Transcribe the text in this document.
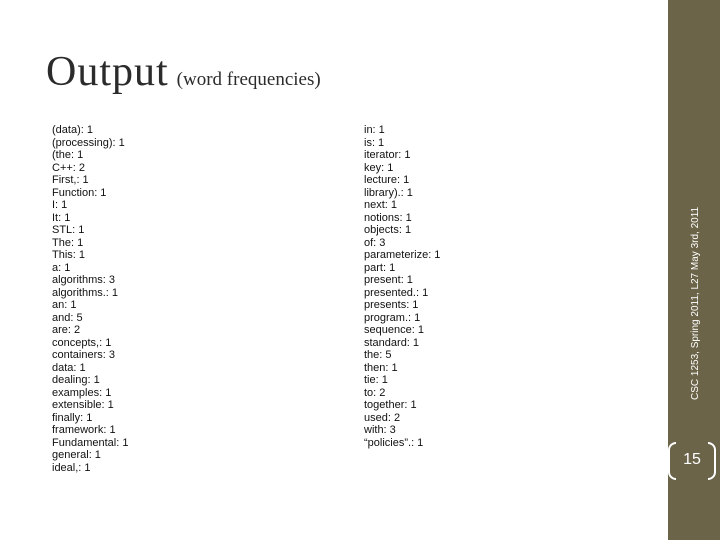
Output (word frequencies)
(data): 1
(processing): 1
(the: 1
C++: 2
First,: 1
Function: 1
I: 1
It: 1
STL: 1
The: 1
This: 1
a: 1
algorithms: 3
algorithms.: 1
an: 1
and: 5
are: 2
concepts,: 1
containers: 3
data: 1
dealing: 1
examples: 1
extensible: 1
finally: 1
framework: 1
Fundamental: 1
general: 1
ideal,: 1
in: 1
is: 1
iterator: 1
key: 1
lecture: 1
library).: 1
next: 1
notions: 1
objects: 1
of: 3
parameterize: 1
part: 1
present: 1
presented.: 1
presents: 1
program.: 1
sequence: 1
standard: 1
the: 5
then: 1
tie: 1
to: 2
together: 1
used: 2
with: 3
“policies”.: 1
CSC 1253, Spring 2011, L27 May 3rd, 2011
15
